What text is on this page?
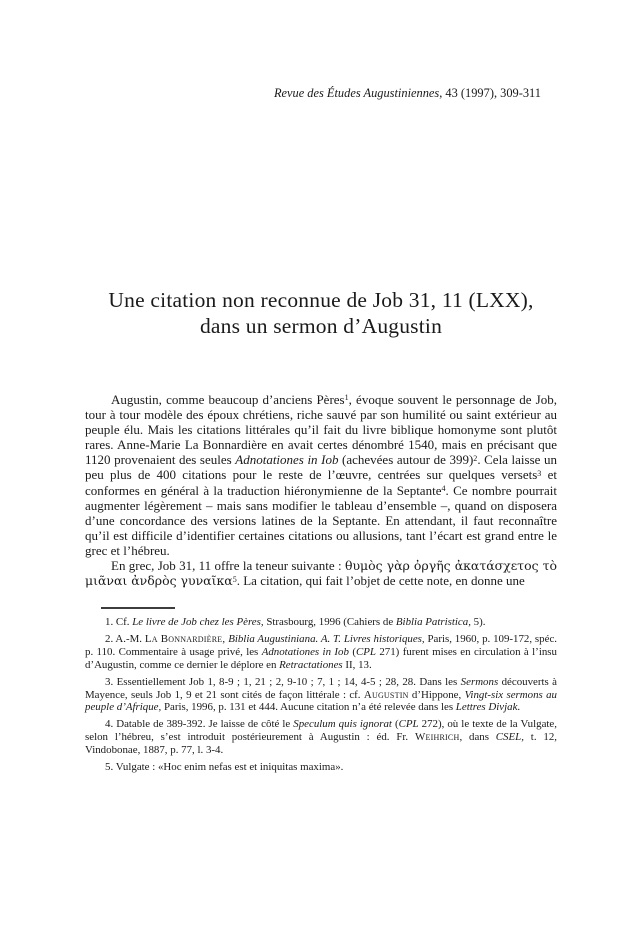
Revue des Études Augustiniennes, 43 (1997), 309-311
Une citation non reconnue de Job 31, 11 (LXX),
dans un sermon d’Augustin

Augustin, comme beaucoup d’anciens Pères$^1$, évoque souvent le personnage de Job, tour à tour modèle des époux chrétiens, riche sauvé par son humilité ou saint extérieur au peuple élu. Mais les citations littérales qu’il fait du livre biblique homonyme sont plutôt rares. Anne-Marie La Bonnardière en avait certes dénombré 1540, mais en précisant que 1120 provenaient des seules Adnotationes in Iob (achevées autour de 399)$^2$. Cela laisse un peu plus de 400 citations pour le reste de l’œuvre, centrées sur quelques versets$^3$ et conformes en général à la traduction hiéronymienne de la Septante$^4$. Ce nombre pourrait augmenter légèrement – mais sans modifier le tableau d’ensemble –, quand on disposera d’une concordance des versions latines de la Septante. En attendant, il faut reconnaître qu’il est difficile d’identifier certaines citations ou allusions, tant l’écart est grand entre le grec et l’hébreu.

En grec, Job 31, 11 offre la teneur suivante : θυμὸς γὰρ ὀργῆς ἀκατάσχετος τὸ μιᾶναι ἀνδρὸς γυναῖκα$^5$. La citation, qui fait l’objet de cette note, en donne une

1. Cf. Le livre de Job chez les Pères, Strasbourg, 1996 (Cahiers de Biblia Patristica, 5).

2. A.-M. La Bonnardière, Biblia Augustiniana. A. T. Livres historiques, Paris, 1960, p. 109-172, spéc. p. 110. Commentaire à usage privé, les Adnotationes in Iob (CPL 271) furent mises en circulation à l’insu d’Augustin, comme ce dernier le déplore en Retractationes II, 13.

3. Essentiellement Job 1, 8-9 ; 1, 21 ; 2, 9-10 ; 7, 1 ; 14, 4-5 ; 28, 28. Dans les Sermons découverts à Mayence, seuls Job 1, 9 et 21 sont cités de façon littérale : cf. Augustin d’Hippone, Vingt-six sermons au peuple d’Afrique, Paris, 1996, p. 131 et 444. Aucune citation n’a été relevée dans les Lettres Divjak.

4. Datable de 389-392. Je laisse de côté le Speculum quis ignorat (CPL 272), où le texte de la Vulgate, selon l’hébreu, s’est introduit postérieurement à Augustin : éd. Fr. Weihrich, dans CSEL, t. 12, Vindobonae, 1887, p. 77, l. 3-4.

5. Vulgate : «Hoc enim nefas est et iniquitas maxima».
